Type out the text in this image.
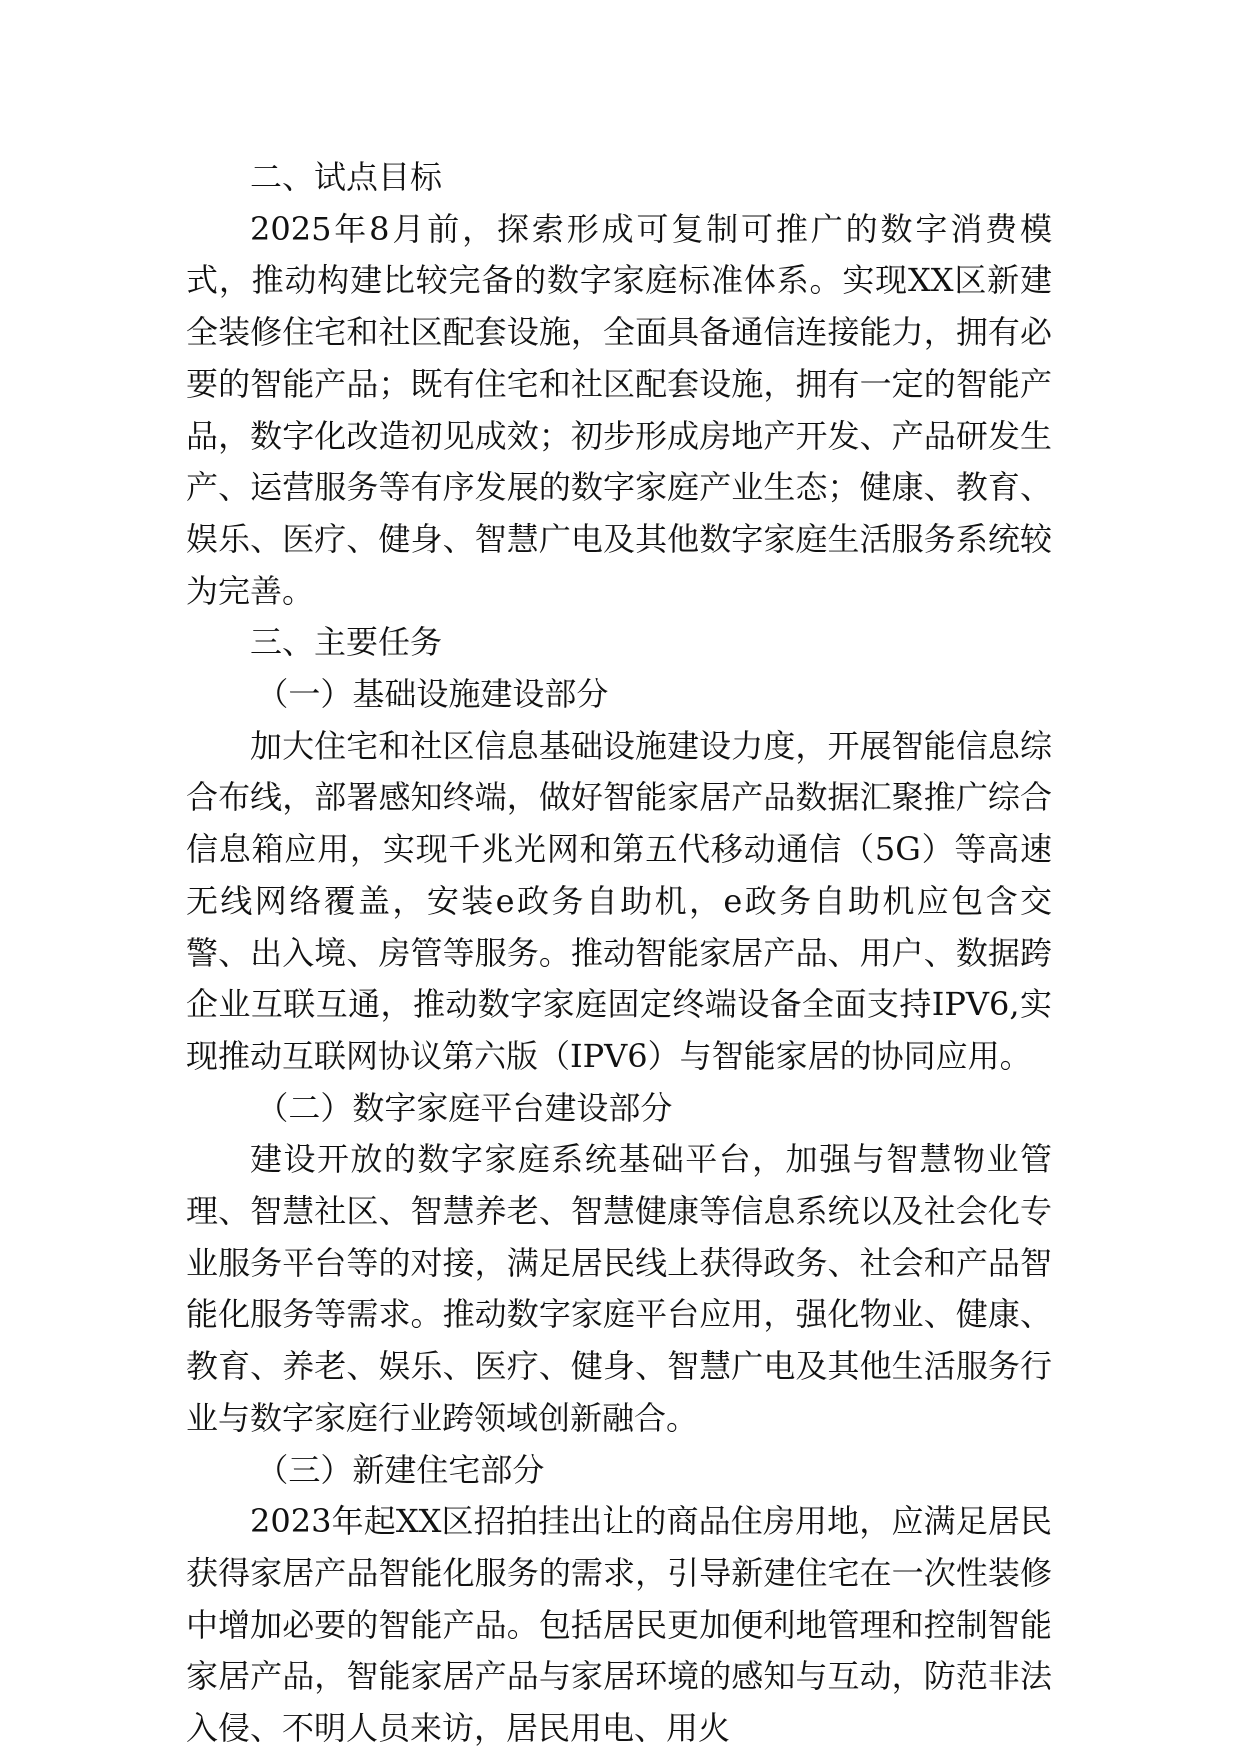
二、试点目标

2025年8月前，探索形成可复制可推广的数字消费模式，推动构建比较完备的数字家庭标准体系。实现XX区新建全装修住宅和社区配套设施，全面具备通信连接能力，拥有必要的智能产品；既有住宅和社区配套设施，拥有一定的智能产品，数字化改造初见成效；初步形成房地产开发、产品研发生产、运营服务等有序发展的数字家庭产业生态；健康、教育、娱乐、医疗、健身、智慧广电及其他数字家庭生活服务系统较为完善。

三、主要任务

（一）基础设施建设部分

加大住宅和社区信息基础设施建设力度，开展智能信息综合布线，部署感知终端，做好智能家居产品数据汇聚推广综合信息箱应用，实现千兆光网和第五代移动通信（5G）等高速无线网络覆盖，安装e政务自助机，e政务自助机应包含交警、出入境、房管等服务。推动智能家居产品、用户、数据跨企业互联互通，推动数字家庭固定终端设备全面支持IPV6,实现推动互联网协议第六版（IPV6）与智能家居的协同应用。

（二）数字家庭平台建设部分

建设开放的数字家庭系统基础平台，加强与智慧物业管理、智慧社区、智慧养老、智慧健康等信息系统以及社会化专业服务平台等的对接，满足居民线上获得政务、社会和产品智能化服务等需求。推动数字家庭平台应用，强化物业、健康、教育、养老、娱乐、医疗、健身、智慧广电及其他生活服务行业与数字家庭行业跨领域创新融合。

（三）新建住宅部分

2023年起XX区招拍挂出让的商品住房用地，应满足居民获得家居产品智能化服务的需求，引导新建住宅在一次性装修中增加必要的智能产品。包括居民更加便利地管理和控制智能家居产品，智能家居产品与家居环境的感知与互动，防范非法入侵、不明人员来访，居民用电、用火
